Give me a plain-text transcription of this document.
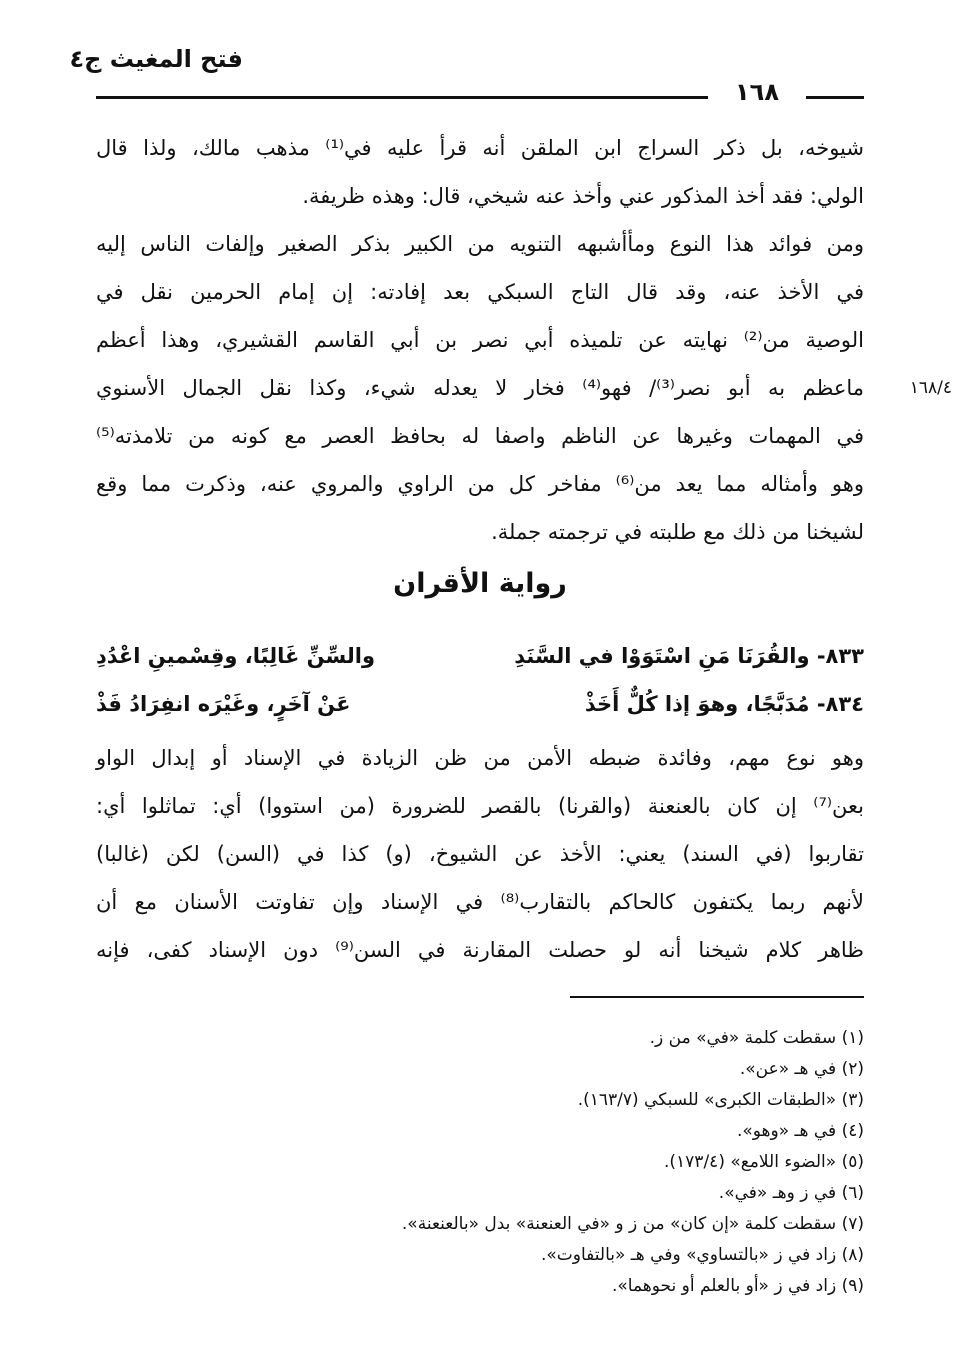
فتح المغيث ج٤
١٦٨
شيوخه، بل ذكر السراج ابن الملقن أنه قرأ عليه في⁽¹⁾ مذهب مالك، ولذا قال
الولي: فقد أخذ المذكور عني وأخذ عنه شيخي، قال: وهذه ظريفة.
ومن فوائد هذا النوع ومأأشبهه التنويه من الكبير بذكر الصغير وإلفات الناس إليه
في الأخذ عنه، وقد قال التاج السبكي بعد إفادته: إن إمام الحرمين نقل في
الوصية من⁽²⁾ نهايته عن تلميذه أبي نصر بن أبي القاسم القشيري، وهذا أعظم
ماعظم به أبو نصر⁽³⁾/ فهو⁽⁴⁾ فخار لا يعدله شيء، وكذا نقل الجمال الأسنوي	١٦٨/٤
في المهمات وغيرها عن الناظم واصفا له بحافظ العصر مع كونه من تلامذته⁽⁵⁾
وهو وأمثاله مما يعد من⁽⁶⁾ مفاخر كل من الراوي والمروي عنه، وذكرت مما وقع
لشيخنا من ذلك مع طلبته في ترجمته جملة.
رواية الأقران
٨٣٣- والقُرَنَا مَنِ اسْتَوَوْا في السَّنَدِ
والسِّنِّ غَالِبًا، وقِسْمينِ اعْدُدِ
٨٣٤- مُدَبَّجًا، وهوَ إذا كُلٌّ أَخَذْ
عَنْ آخَرٍ، وغَيْرَه انفِرَادُ فَذْ
وهو نوع مهم، وفائدة ضبطه الأمن من ظن الزيادة في الإسناد أو إبدال الواو
بعن⁽⁷⁾ إن كان بالعنعنة (والقرنا) بالقصر للضرورة (من استووا) أي: تماثلوا أي:
تقاربوا (في السند) يعني: الأخذ عن الشيوخ، (و) كذا في (السن) لكن (غالبا)
لأنهم ربما يكتفون كالحاكم بالتقارب⁽⁸⁾ في الإسناد وإن تفاوتت الأسنان مع أن
ظاهر كلام شيخنا أنه لو حصلت المقارنة في السن⁽⁹⁾ دون الإسناد كفى، فإنه
(١) سقطت كلمة «في» من ز.
(٢) في هـ «عن».
(٣) «الطبقات الكبرى» للسبكي (١٦٣/٧).
(٤) في هـ «وهو».
(٥) «الضوء اللامع» (١٧٣/٤).
(٦) في ز وهـ «في».
(٧) سقطت كلمة «إن كان» من ز و «في العنعنة» بدل «بالعنعنة».
(٨) زاد في ز «بالتساوي» وفي هـ «بالتفاوت».
(٩) زاد في ز «أو بالعلم أو نحوهما».
